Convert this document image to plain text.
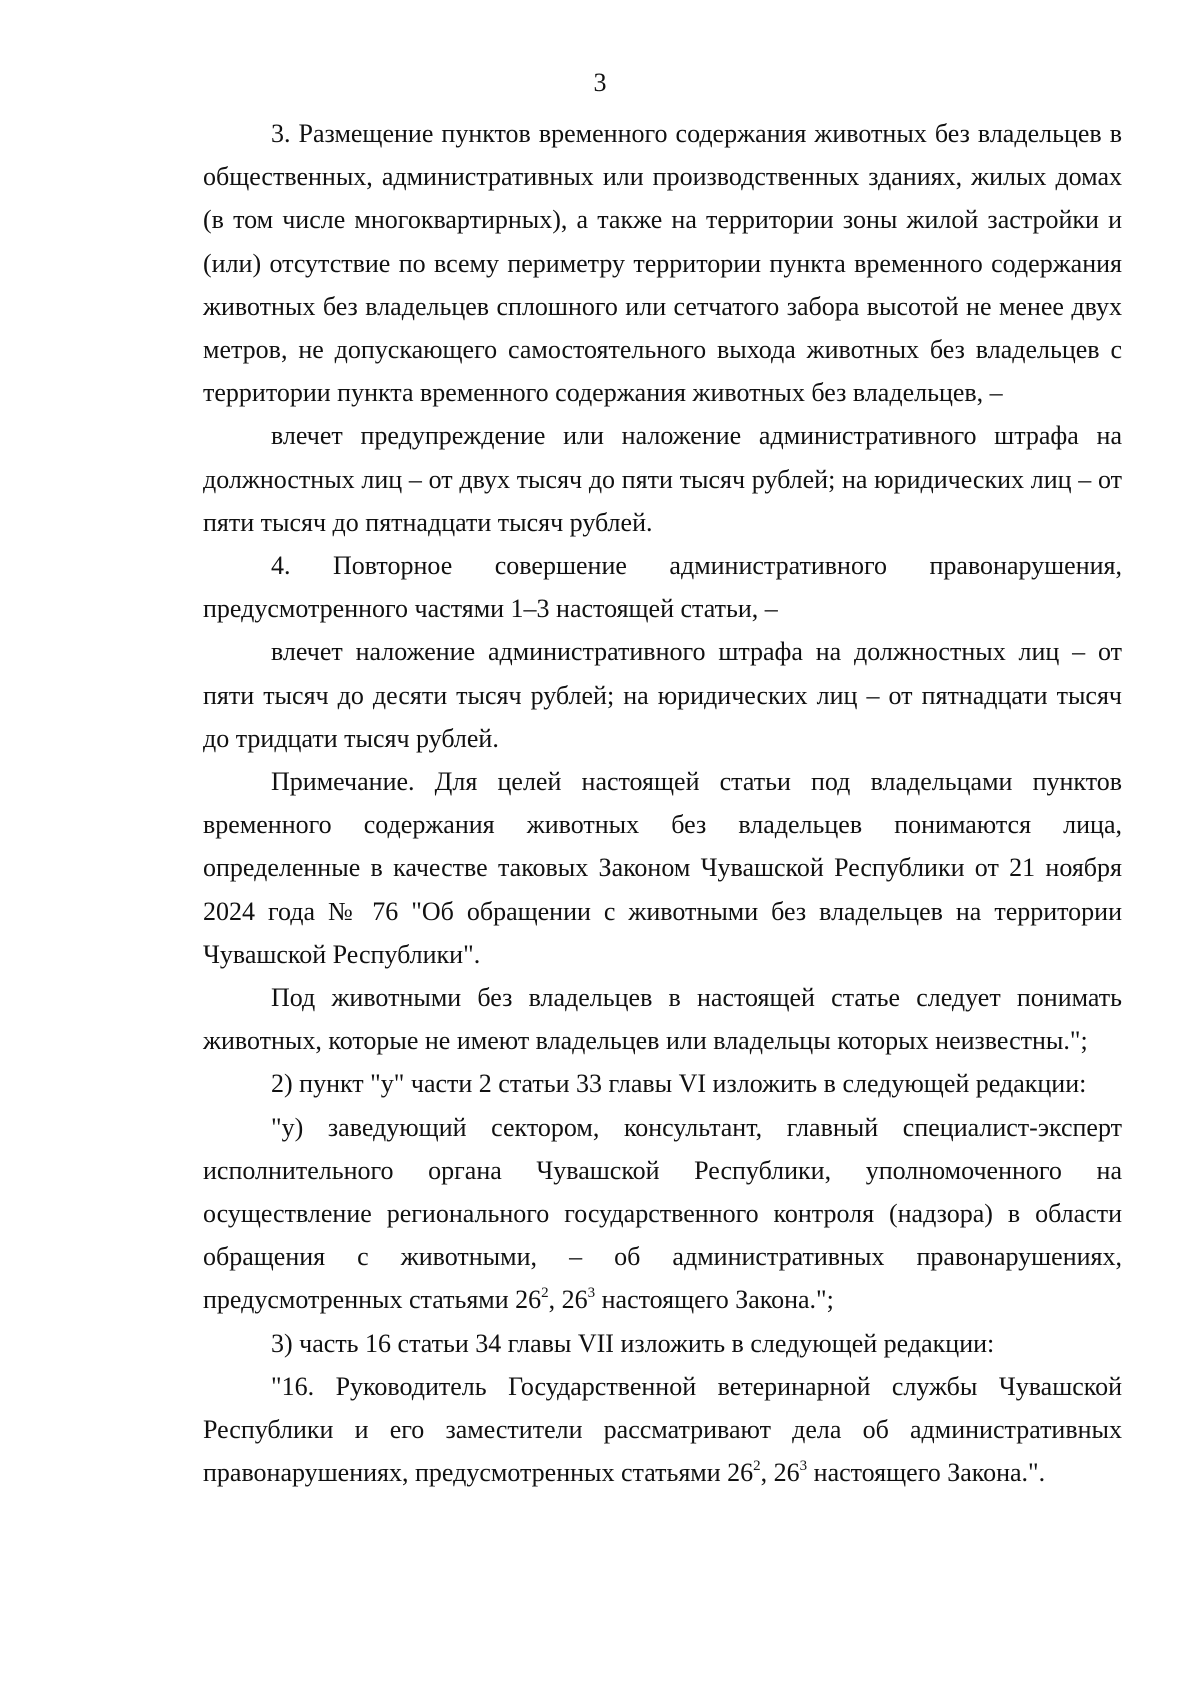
3

3. Размещение пунктов временного содержания животных без владельцев в общественных, административных или производственных зданиях, жилых домах (в том числе многоквартирных), а также на территории зоны жилой застройки и (или) отсутствие по всему периметру территории пункта временного содержания животных без владельцев сплошного или сетчатого забора высотой не менее двух метров, не допускающего самостоятельного выхода животных без владельцев с территории пункта временного содержания животных без владельцев, –

влечет предупреждение или наложение административного штрафа на должностных лиц – от двух тысяч до пяти тысяч рублей; на юридических лиц – от пяти тысяч до пятнадцати тысяч рублей.

4. Повторное совершение административного правонарушения, предусмотренного частями 1–3 настоящей статьи, –

влечет наложение административного штрафа на должностных лиц – от пяти тысяч до десяти тысяч рублей; на юридических лиц – от пятнадцати тысяч до тридцати тысяч рублей.

Примечание. Для целей настоящей статьи под владельцами пунктов временного содержания животных без владельцев понимаются лица, определенные в качестве таковых Законом Чувашской Республики от 21 ноября 2024 года № 76 "Об обращении с животными без владельцев на территории Чувашской Республики".

Под животными без владельцев в настоящей статье следует понимать животных, которые не имеют владельцев или владельцы которых неизвестны.";

2) пункт "у" части 2 статьи 33 главы VI изложить в следующей редакции:

"у) заведующий сектором, консультант, главный специалист-эксперт исполнительного органа Чувашской Республики, уполномоченного на осуществление регионального государственного контроля (надзора) в области обращения с животными, – об административных правонарушениях, предусмотренных статьями $26^2$, $26^3$ настоящего Закона.";

3) часть 16 статьи 34 главы VII изложить в следующей редакции:

"16. Руководитель Государственной ветеринарной службы Чувашской Республики и его заместители рассматривают дела об административных правонарушениях, предусмотренных статьями $26^2$, $26^3$ настоящего Закона.".
